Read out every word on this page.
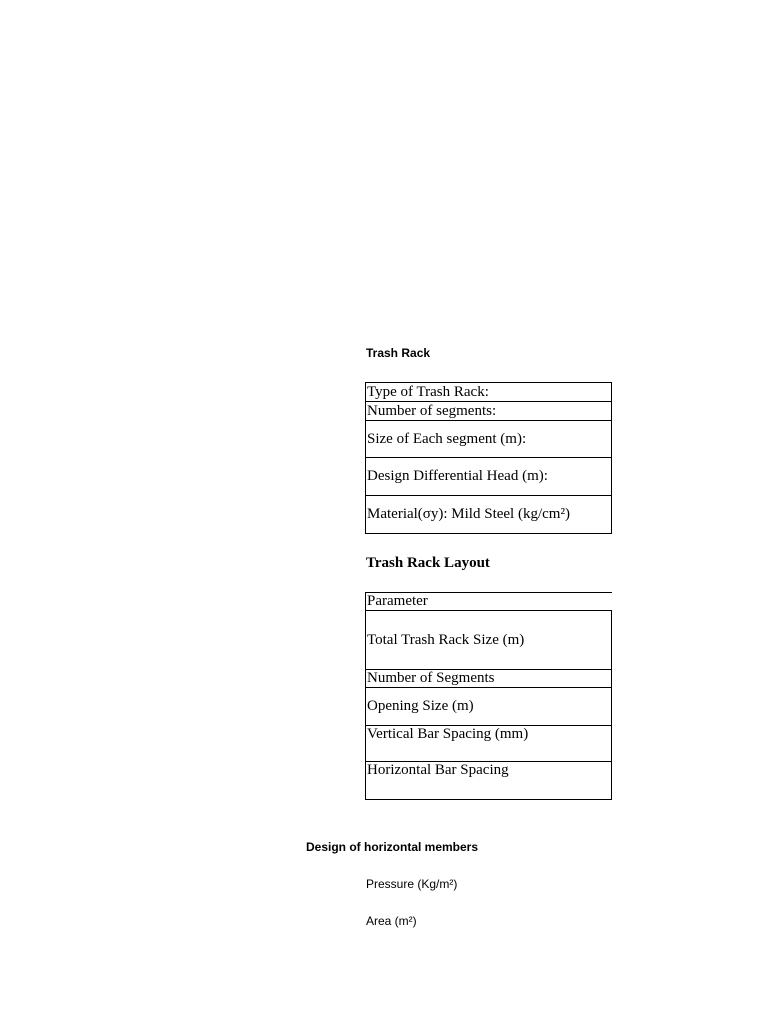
Trash Rack
Type of Trash Rack:
Number of segments:
Size of Each segment (m):
Design Differential Head (m):
Material(σy): Mild Steel (kg/cm²)
Trash Rack Layout
Parameter
Total Trash Rack Size (m)
Number of Segments
Opening Size (m)
Vertical Bar Spacing (mm)
Horizontal Bar Spacing
Design of horizontal members
Pressure (Kg/m²)
Area (m²)
